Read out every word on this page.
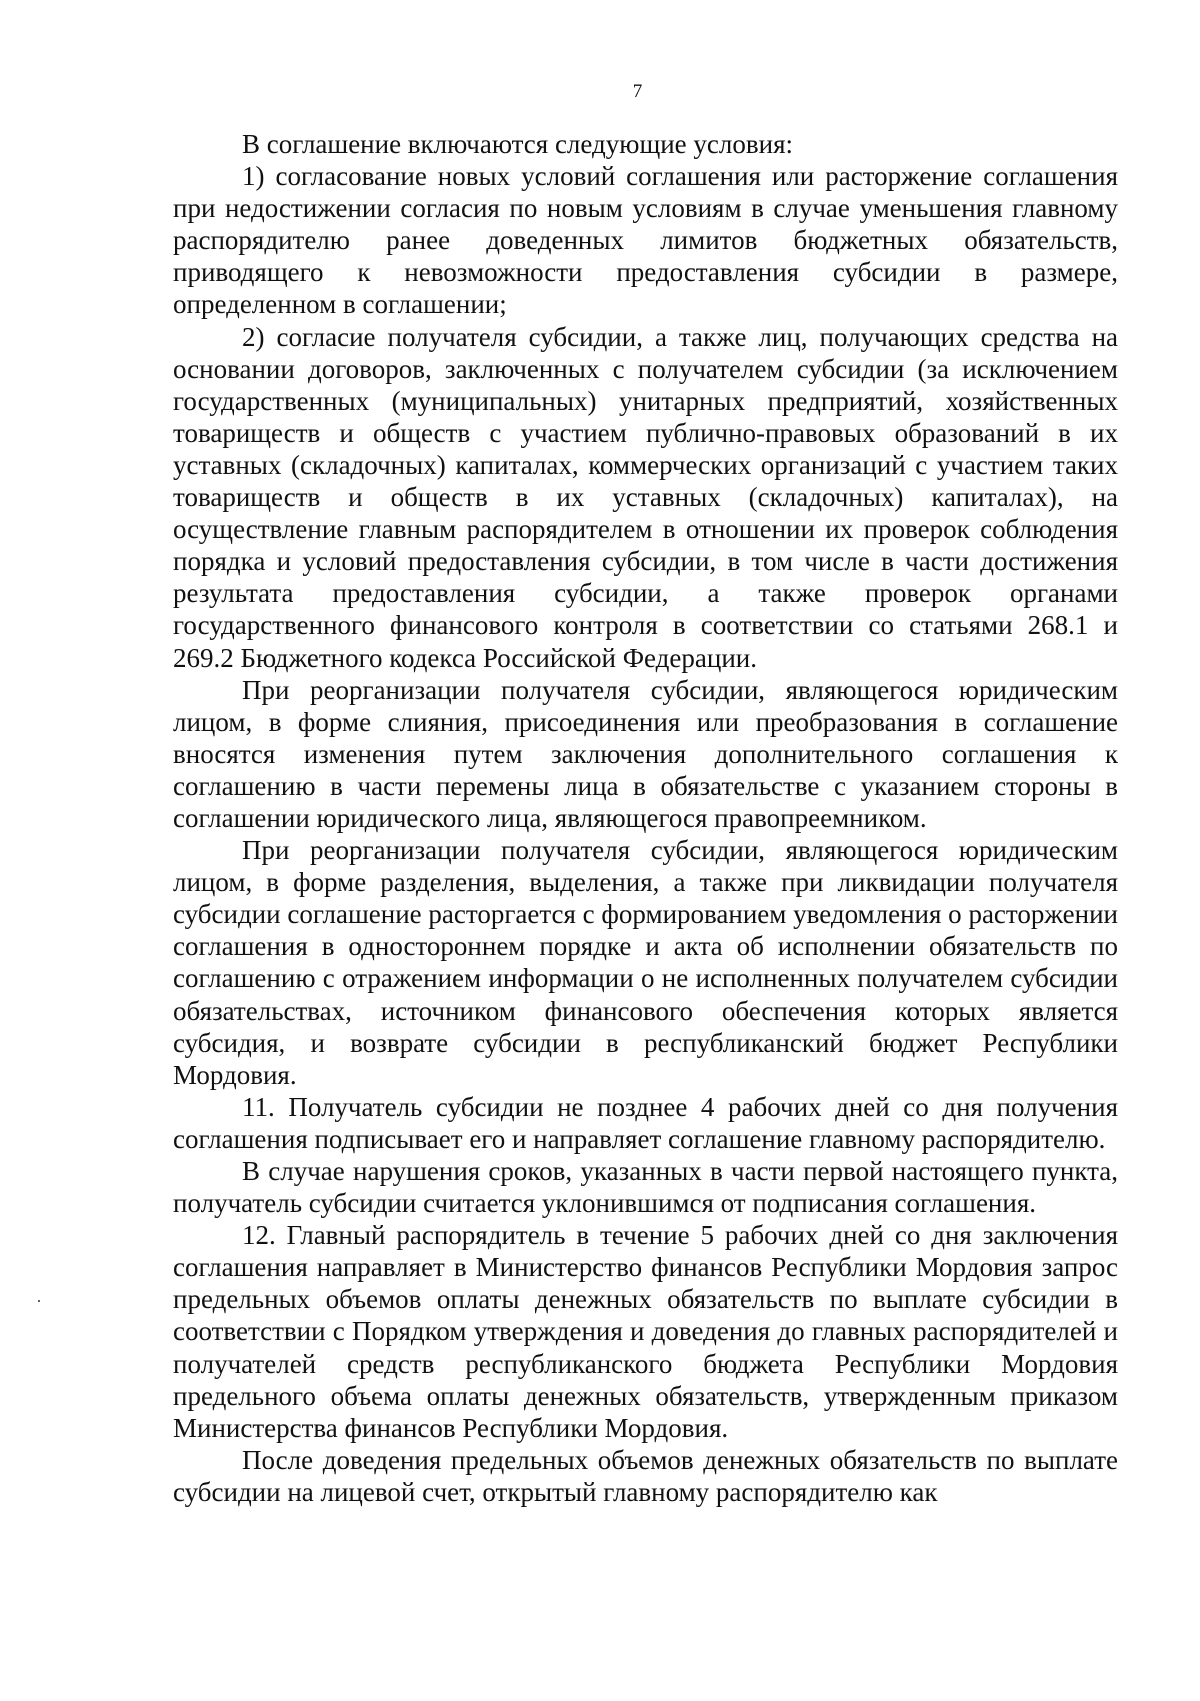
7

В соглашение включаются следующие условия:

1) согласование новых условий соглашения или расторжение соглашения при недостижении согласия по новым условиям в случае уменьшения главному распорядителю ранее доведенных лимитов бюджетных обязательств, приводящего к невозможности предоставления субсидии в размере, определенном в соглашении;

2) согласие получателя субсидии, а также лиц, получающих средства на основании договоров, заключенных с получателем субсидии (за исключением государственных (муниципальных) унитарных предприятий, хозяйственных товариществ и обществ с участием публично-правовых образований в их уставных (складочных) капиталах, коммерческих организаций с участием таких товариществ и обществ в их уставных (складочных) капиталах), на осуществление главным распорядителем в отношении их проверок соблюдения порядка и условий предоставления субсидии, в том числе в части достижения результата предоставления субсидии, а также проверок органами государственного финансового контроля в соответствии со статьями 268.1 и 269.2 Бюджетного кодекса Российской Федерации.

При реорганизации получателя субсидии, являющегося юридическим лицом, в форме слияния, присоединения или преобразования в соглашение вносятся изменения путем заключения дополнительного соглашения к соглашению в части перемены лица в обязательстве с указанием стороны в соглашении юридического лица, являющегося правопреемником.

При реорганизации получателя субсидии, являющегося юридическим лицом, в форме разделения, выделения, а также при ликвидации получателя субсидии соглашение расторгается с формированием уведомления о расторжении соглашения в одностороннем порядке и акта об исполнении обязательств по соглашению с отражением информации о не исполненных получателем субсидии обязательствах, источником финансового обеспечения которых является субсидия, и возврате субсидии в республиканский бюджет Республики Мордовия.

11. Получатель субсидии не позднее 4 рабочих дней со дня получения соглашения подписывает его и направляет соглашение главному распорядителю.

В случае нарушения сроков, указанных в части первой настоящего пункта, получатель субсидии считается уклонившимся от подписания соглашения.

12. Главный распорядитель в течение 5 рабочих дней со дня заключения соглашения направляет в Министерство финансов Республики Мордовия запрос предельных объемов оплаты денежных обязательств по выплате субсидии в соответствии с Порядком утверждения и доведения до главных распорядителей и получателей средств республиканского бюджета Республики Мордовия предельного объема оплаты денежных обязательств, утвержденным приказом Министерства финансов Республики Мордовия.

После доведения предельных объемов денежных обязательств по выплате субсидии на лицевой счет, открытый главному распорядителю как
